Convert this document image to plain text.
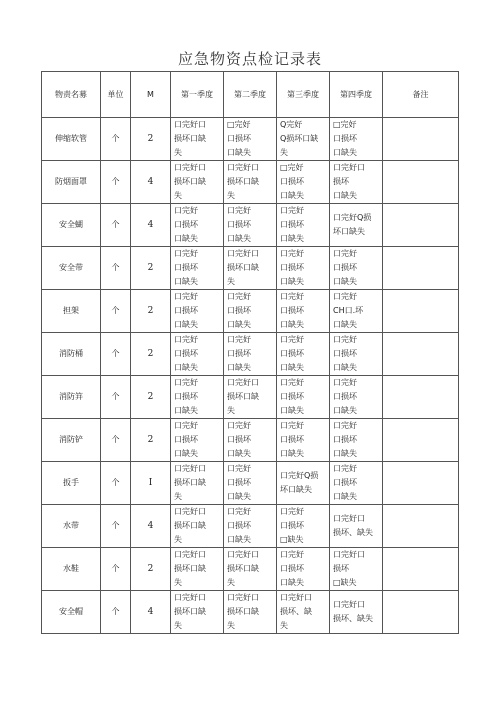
应急物资点检记录表
物责名募	单位	M	第一季度	第二季度	第三季度	第四季度	备注
伸缩软管	个	2	口完好口
损坏口缺
失	□完好
口损坏
口缺失	Q完好
Q损坏口缺
失	□完好
口损坏
口缺失	

防烟面罩	个	4	口完好口
损坏口缺
失	口完好口
损坏口缺
失	□完好
口损坏
口缺失	口完好口
损坏
口缺失	

安全蝴	个	4	口完好
口损坏
口缺失	口完好
口损坏
口缺失	口完好
口损坏
口缺失	口完好Q损
坏口缺失	

安全带	个	2	口完好
口损坏
口缺失	口完好口
损坏口缺
失	口完好
口损坏
口缺失	口完好
口损坏
口缺失	

担架	个	2	口完好
口损坏
口缺失	口完好
口损坏
口缺失	口完好
口损坏
口缺失	口完好
CH口.坏
口缺失	

消防桶	个	2	口完好
口损坏
口缺失	口完好
口损坏
口缺失	口完好
口损坏
口缺失	口完好
口损坏
口缺失	

消防笄	个	2	口完好
口损坏
口缺失	口完好口
损坏口缺
失	口完好
口损坏
口缺失	口完好
口损坏
口缺失	

消防铲	个	2	口完好
口损坏
口缺失	口完好
口损坏
口缺失	口完好
口损坏
口缺失	口完好
口损坏
口缺失	

扳手	个	I	口完好口
损坏口缺
失	口完好
口损坏
口缺失	口完好Q损
坏口缺失	口完好
口损坏
口缺失	

水带	个	4	口完好口
损坏口缺
失	口完好
口损坏
口缺失	口完好
口损坏
□缺失	口完好口
损坏、缺失	

水鞋	个	2	口完好口
损坏口缺
失	口完好口
损坏口缺
失	口完好
口损坏
口缺失	口完好口
损坏
□缺失	

安全帽	个	4	口完好口
损坏口缺
失	口完好口
损坏口缺
失	口完好口
损坏、缺
失	口完好口
损坏、缺失	
